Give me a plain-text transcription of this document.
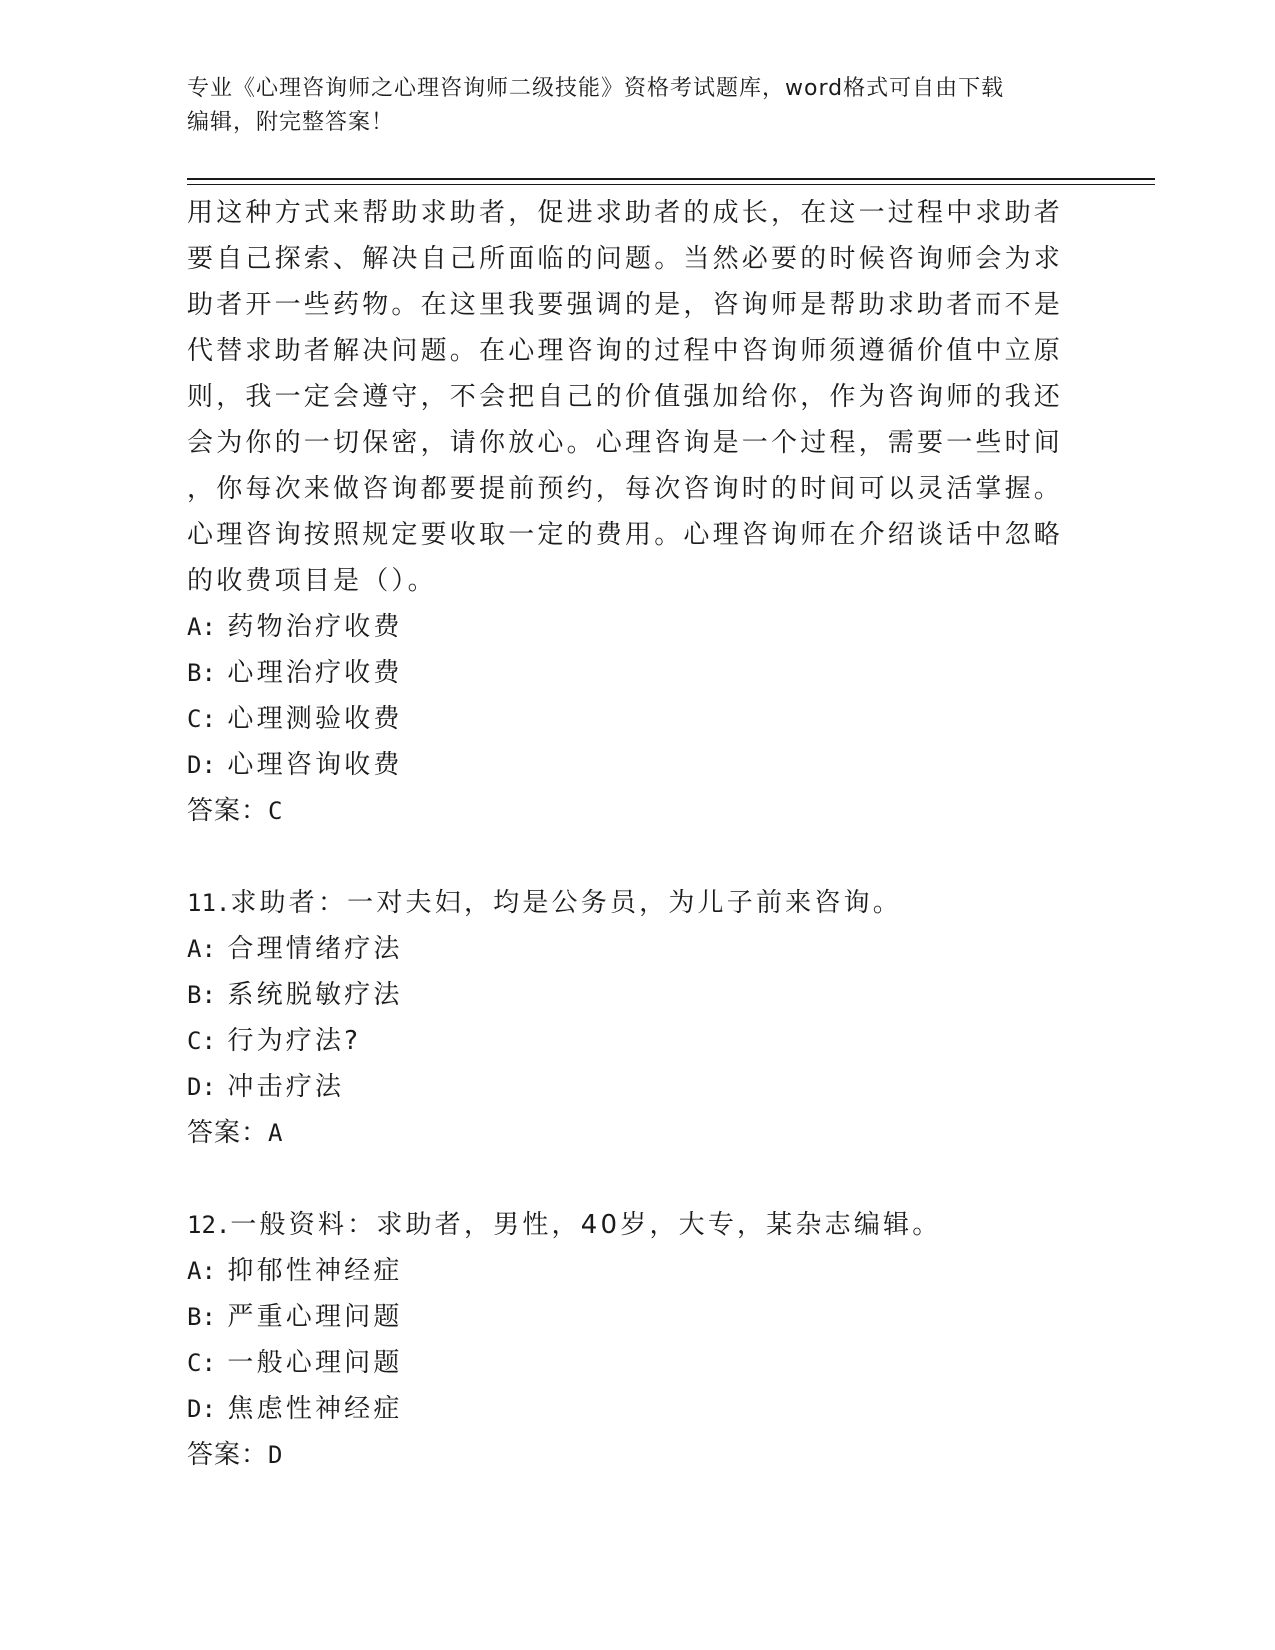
专业《心理咨询师之心理咨询师二级技能》资格考试题库，word格式可自由下载
编辑，附完整答案！
用这种方式来帮助求助者，促进求助者的成长，在这一过程中求助者
要自己探索、解决自己所面临的问题。当然必要的时候咨询师会为求
助者开一些药物。在这里我要强调的是，咨询师是帮助求助者而不是
代替求助者解决问题。在心理咨询的过程中咨询师须遵循价值中立原
则，我一定会遵守，不会把自己的价值强加给你，作为咨询师的我还
会为你的一切保密，请你放心。心理咨询是一个过程，需要一些时间
，你每次来做咨询都要提前预约，每次咨询时的时间可以灵活掌握。
心理咨询按照规定要收取一定的费用。心理咨询师在介绍谈话中忽略
的收费项目是（）。
A: 药物治疗收费
B: 心理治疗收费
C: 心理测验收费
D: 心理咨询收费
答案：C
11.求助者：一对夫妇，均是公务员，为儿子前来咨询。
A: 合理情绪疗法
B: 系统脱敏疗法
C: 行为疗法?
D: 冲击疗法
答案：A
12.一般资料：求助者，男性，40岁，大专，某杂志编辑。
A: 抑郁性神经症
B: 严重心理问题
C: 一般心理问题
D: 焦虑性神经症
答案：D
